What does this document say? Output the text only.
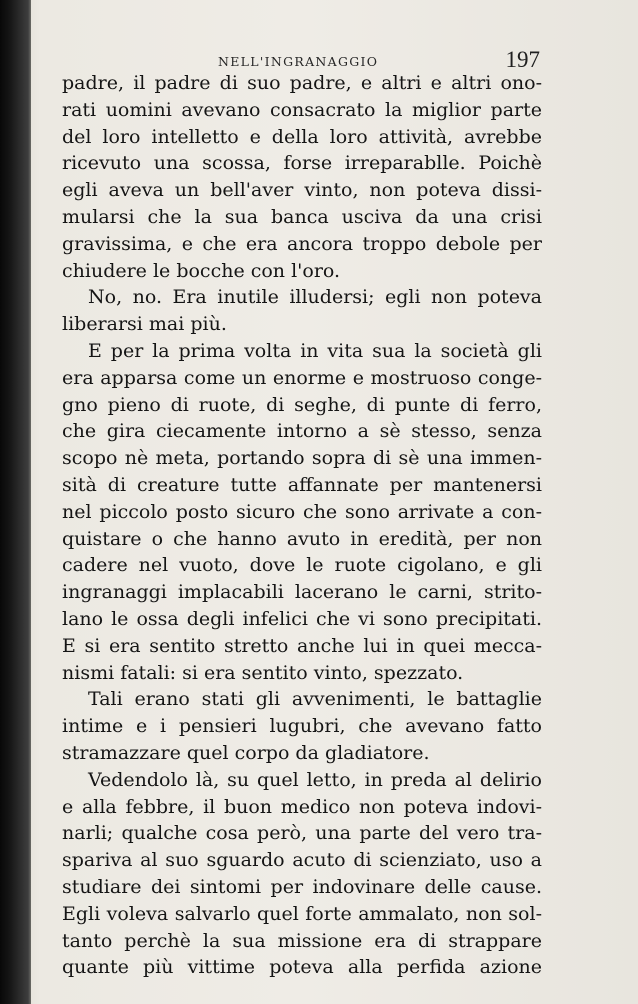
NELL'INGRANAGGIO	197
padre, il padre di suo padre, e altri e altri ono-
rati uomini avevano consacrato la miglior parte
del loro intelletto e della loro attività, avrebbe
ricevuto una scossa, forse irreparablle. Poichè
egli aveva un bell'aver vinto, non poteva dissi-
mularsi che la sua banca usciva da una crisi
gravissima, e che era ancora troppo debole per
chiudere le bocche con l'oro.
No, no. Era inutile illudersi; egli non poteva
liberarsi mai più.
E per la prima volta in vita sua la società gli
era apparsa come un enorme e mostruoso conge-
gno pieno di ruote, di seghe, di punte di ferro,
che gira ciecamente intorno a sè stesso, senza
scopo nè meta, portando sopra di sè una immen-
sità di creature tutte affannate per mantenersi
nel piccolo posto sicuro che sono arrivate a con-
quistare o che hanno avuto in eredità, per non
cadere nel vuoto, dove le ruote cigolano, e gli
ingranaggi implacabili lacerano le carni, strito-
lano le ossa degli infelici che vi sono precipitati.
E si era sentito stretto anche lui in quei mecca-
nismi fatali: si era sentito vinto, spezzato.
Tali erano stati gli avvenimenti, le battaglie
intime e i pensieri lugubri, che avevano fatto
stramazzare quel corpo da gladiatore.
Vedendolo là, su quel letto, in preda al delirio
e alla febbre, il buon medico non poteva indovi-
narli; qualche cosa però, una parte del vero tra-
spariva al suo sguardo acuto di scienziato, uso a
studiare dei sintomi per indovinare delle cause.
Egli voleva salvarlo quel forte ammalato, non sol-
tanto perchè la sua missione era di strappare
quante più vittime poteva alla perfida azione
